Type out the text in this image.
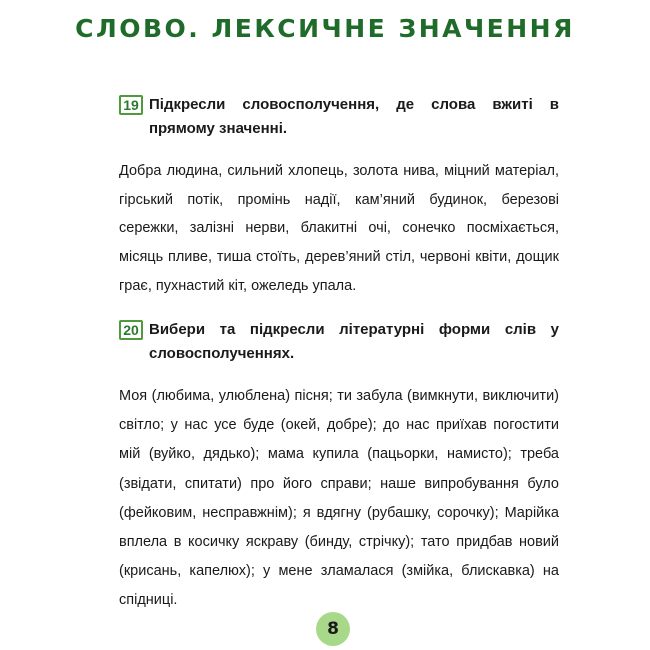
СЛОВО. ЛЕКСИЧНЕ ЗНАЧЕННЯ
19 Підкресли словосполучення, де слова вжиті в прямому значенні.

Добра людина, сильний хлопець, золота нива, міцний матеріал, гірський потік, промінь надії, кам’яний будинок, березові сережки, залізні нерви, блакитні очі, сонечко посміхається, місяць пливе, тиша стоїть, дерев’яний стіл, червоні квіти, дощик грає, пухнастий кіт, ожеледь упала.

20 Вибери та підкресли літературні форми слів у словосполученнях.

Моя (любима, улюблена) пісня; ти забула (вимкнути, виключити) світло; у нас усе буде (окей, добре); до нас приїхав погостити мій (вуйко, дядько); мама купила (пацьорки, намисто); треба (звідати, спитати) про його справи; наше випробування було (фейковим, несправжнім); я вдягну (рубашку, сорочку); Марійка вплела в косичку яскраву (бинду, стрічку); тато придбав новий (крисань, капелюх); у мене зламалася (змійка, блискавка) на спідниці.

8
